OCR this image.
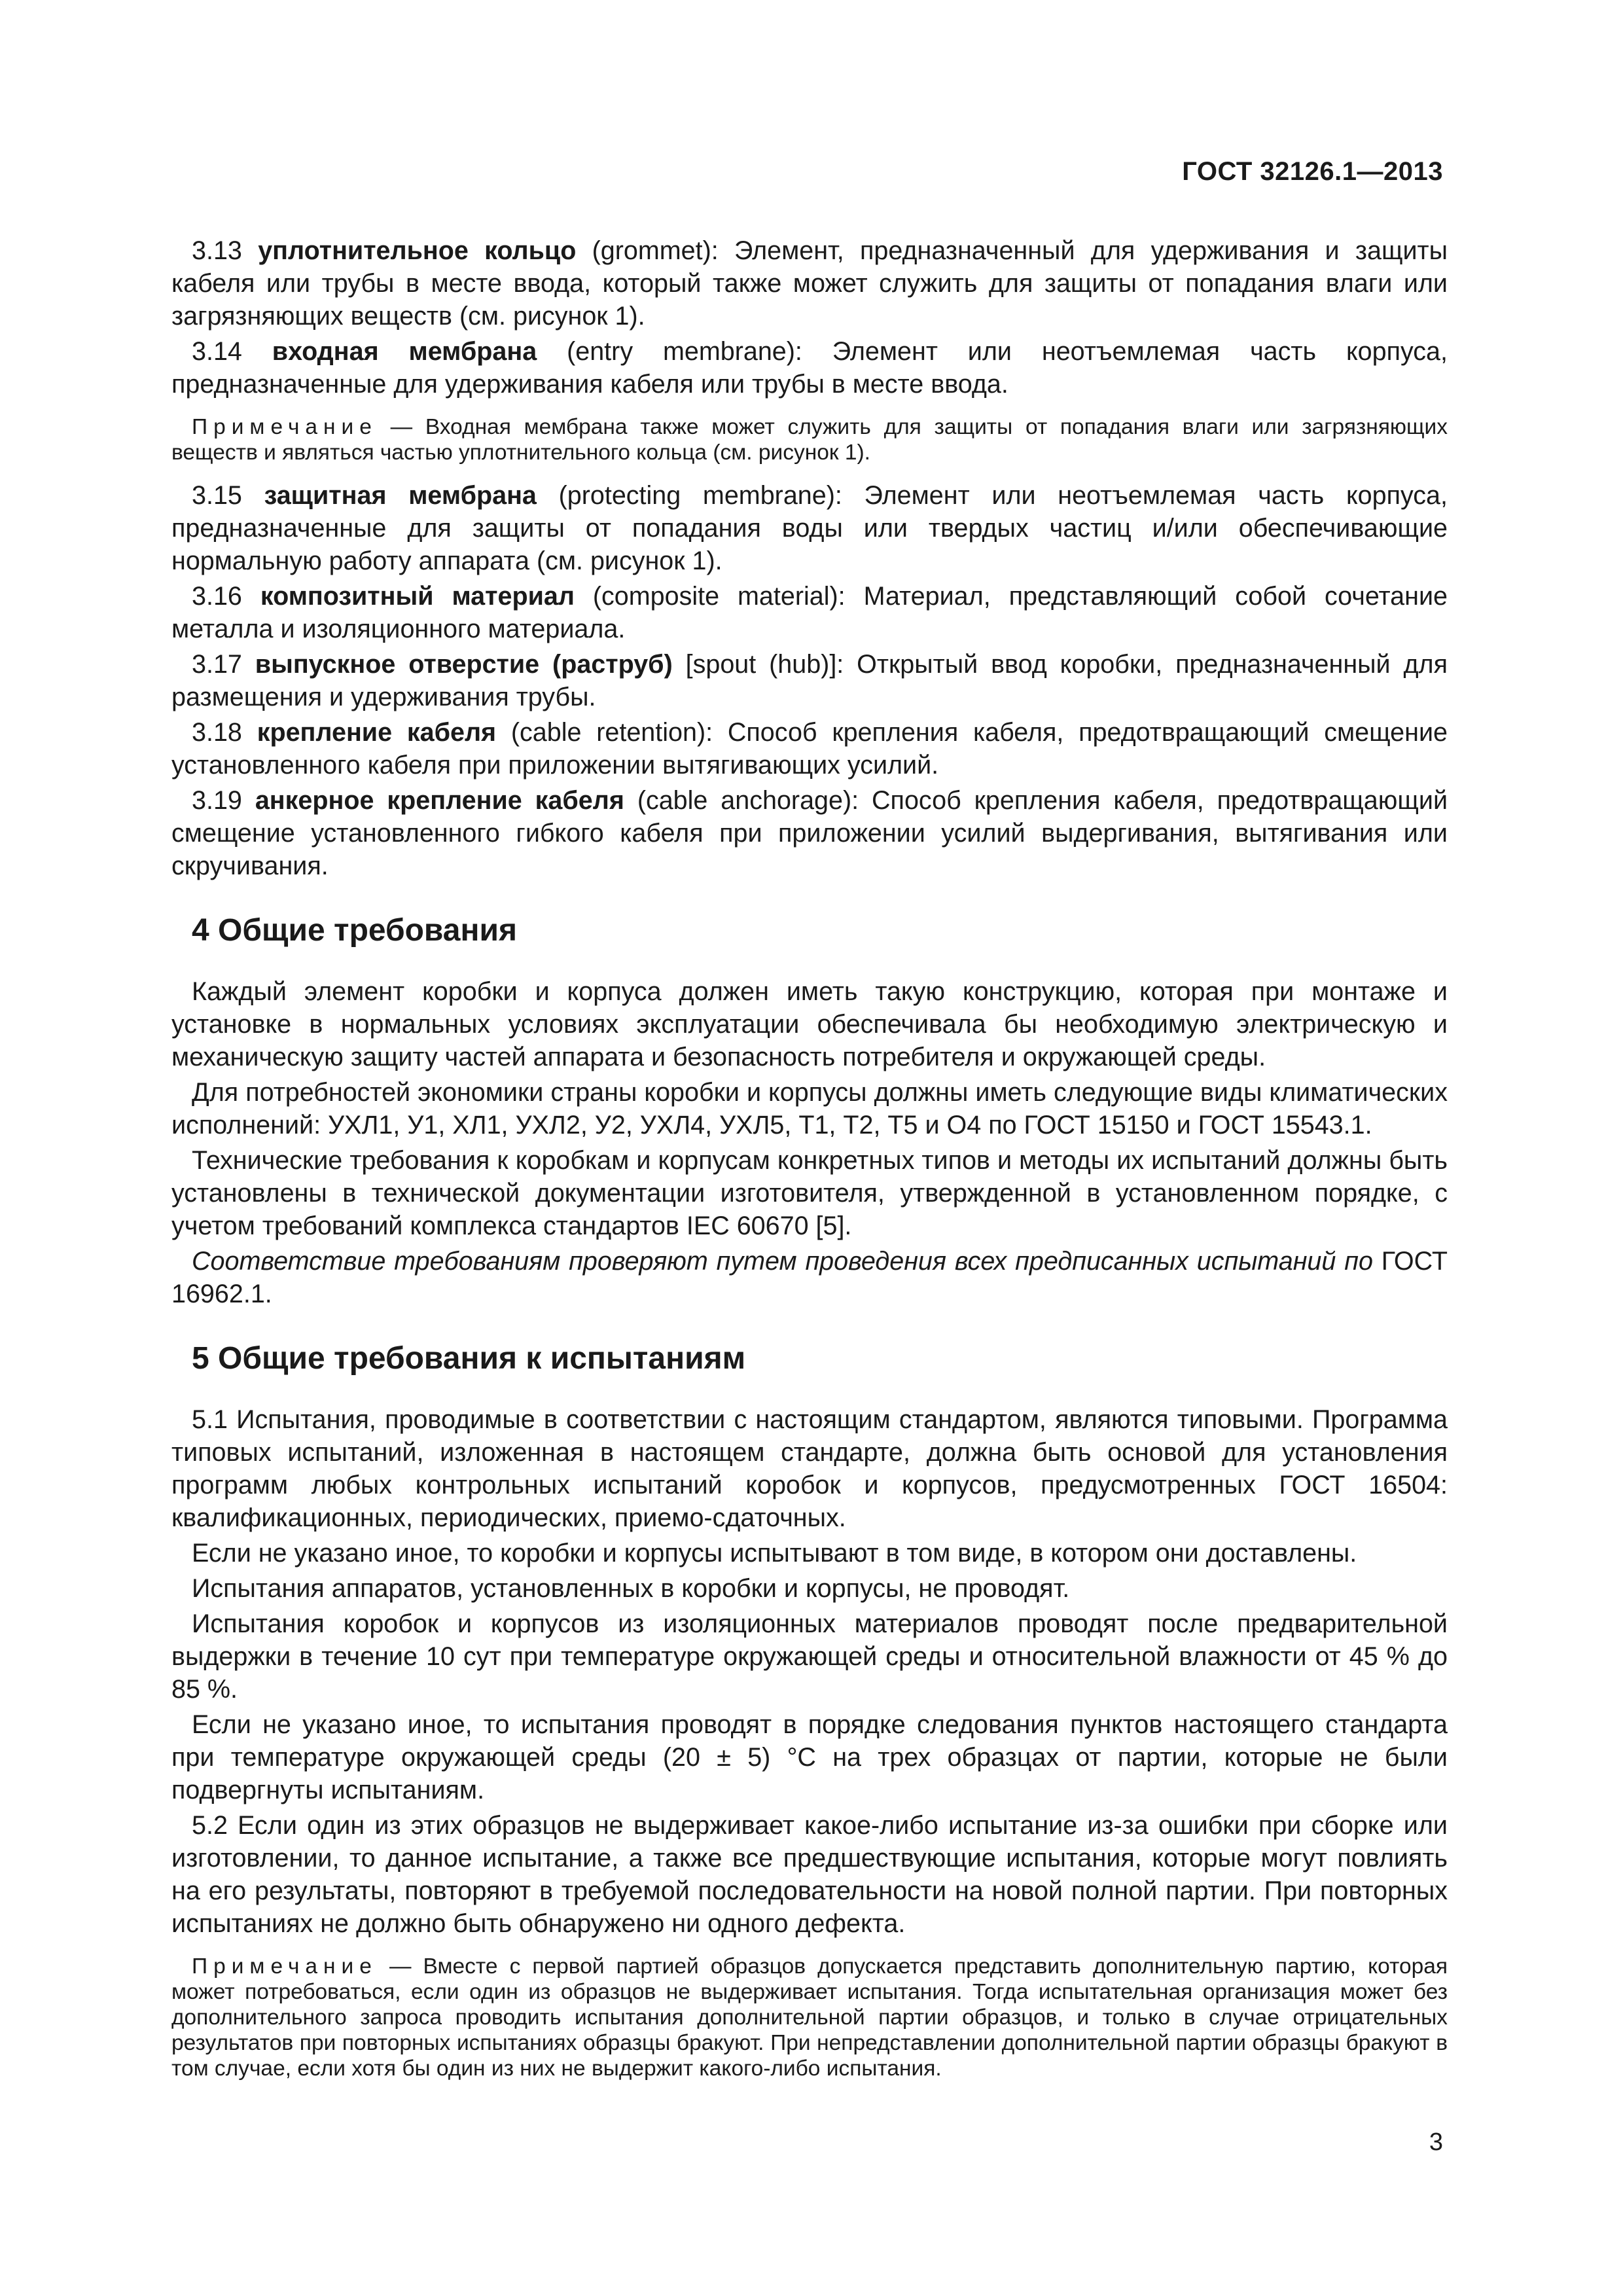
ГОСТ 32126.1—2013

3.13 уплотнительное кольцо (grommet): Элемент, предназначенный для удерживания и защиты кабеля или трубы в месте ввода, который также может служить для защиты от попадания влаги или загрязняющих веществ (см. рисунок 1).

3.14 входная мембрана (entry membrane): Элемент или неотъемлемая часть корпуса, предназначенные для удерживания кабеля или трубы в месте ввода.

Примечание — Входная мембрана также может служить для защиты от попадания влаги или загрязняющих веществ и являться частью уплотнительного кольца (см. рисунок 1).

3.15 защитная мембрана (protecting membrane): Элемент или неотъемлемая часть корпуса, предназначенные для защиты от попадания воды или твердых частиц и/или обеспечивающие нормальную работу аппарата (см. рисунок 1).

3.16 композитный материал (composite material): Материал, представляющий собой сочетание металла и изоляционного материала.

3.17 выпускное отверстие (раструб) [spout (hub)]: Открытый ввод коробки, предназначенный для размещения и удерживания трубы.

3.18 крепление кабеля (cable retention): Способ крепления кабеля, предотвращающий смещение установленного кабеля при приложении вытягивающих усилий.

3.19 анкерное крепление кабеля (cable anchorage): Способ крепления кабеля, предотвращающий смещение установленного гибкого кабеля при приложении усилий выдергивания, вытягивания или скручивания.

4 Общие требования

Каждый элемент коробки и корпуса должен иметь такую конструкцию, которая при монтаже и установке в нормальных условиях эксплуатации обеспечивала бы необходимую электрическую и механическую защиту частей аппарата и безопасность потребителя и окружающей среды.

Для потребностей экономики страны коробки и корпусы должны иметь следующие виды климатических исполнений: УХЛ1, У1, ХЛ1, УХЛ2, У2, УХЛ4, УХЛ5, Т1, Т2, Т5 и О4 по ГОСТ 15150 и ГОСТ 15543.1.

Технические требования к коробкам и корпусам конкретных типов и методы их испытаний должны быть установлены в технической документации изготовителя, утвержденной в установленном порядке, с учетом требований комплекса стандартов IEC 60670 [5].

Соответствие требованиям проверяют путем проведения всех предписанных испытаний по ГОСТ 16962.1.

5 Общие требования к испытаниям

5.1 Испытания, проводимые в соответствии с настоящим стандартом, являются типовыми. Программа типовых испытаний, изложенная в настоящем стандарте, должна быть основой для установления программ любых контрольных испытаний коробок и корпусов, предусмотренных ГОСТ 16504: квалификационных, периодических, приемо-сдаточных.

Если не указано иное, то коробки и корпусы испытывают в том виде, в котором они доставлены.

Испытания аппаратов, установленных в коробки и корпусы, не проводят.

Испытания коробок и корпусов из изоляционных материалов проводят после предварительной выдержки в течение 10 сут при температуре окружающей среды и относительной влажности от 45 % до 85 %.

Если не указано иное, то испытания проводят в порядке следования пунктов настоящего стандарта при температуре окружающей среды (20 ± 5) °С на трех образцах от партии, которые не были подвергнуты испытаниям.

5.2 Если один из этих образцов не выдерживает какое-либо испытание из-за ошибки при сборке или изготовлении, то данное испытание, а также все предшествующие испытания, которые могут повлиять на его результаты, повторяют в требуемой последовательности на новой полной партии. При повторных испытаниях не должно быть обнаружено ни одного дефекта.

Примечание — Вместе с первой партией образцов допускается представить дополнительную партию, которая может потребоваться, если один из образцов не выдерживает испытания. Тогда испытательная организация может без дополнительного запроса проводить испытания дополнительной партии образцов, и только в случае отрицательных результатов при повторных испытаниях образцы бракуют. При непредставлении дополнительной партии образцы бракуют в том случае, если хотя бы один из них не выдержит какого-либо испытания.

3
